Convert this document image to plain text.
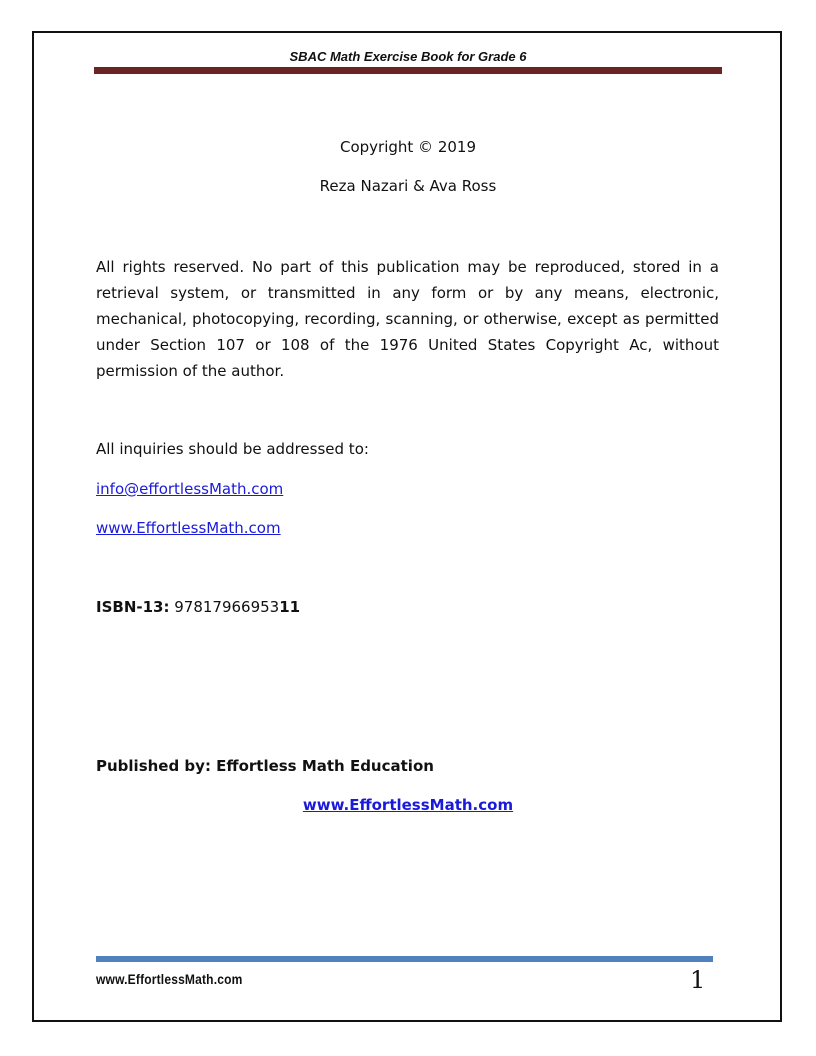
SBAC Math Exercise Book for Grade 6
Copyright © 2019
Reza Nazari & Ava Ross

All rights reserved. No part of this publication may be reproduced, stored in a retrieval system, or transmitted in any form or by any means, electronic, mechanical, photocopying, recording, scanning, or otherwise, except as permitted under Section 107 or 108 of the 1976 United States Copyright Ac, without permission of the author.

All inquiries should be addressed to:
info@effortlessMath.com
www.EffortlessMath.com
ISBN-13: 9781796695311
Published by: Effortless Math Education
www.EffortlessMath.com
www.EffortlessMath.com	1
